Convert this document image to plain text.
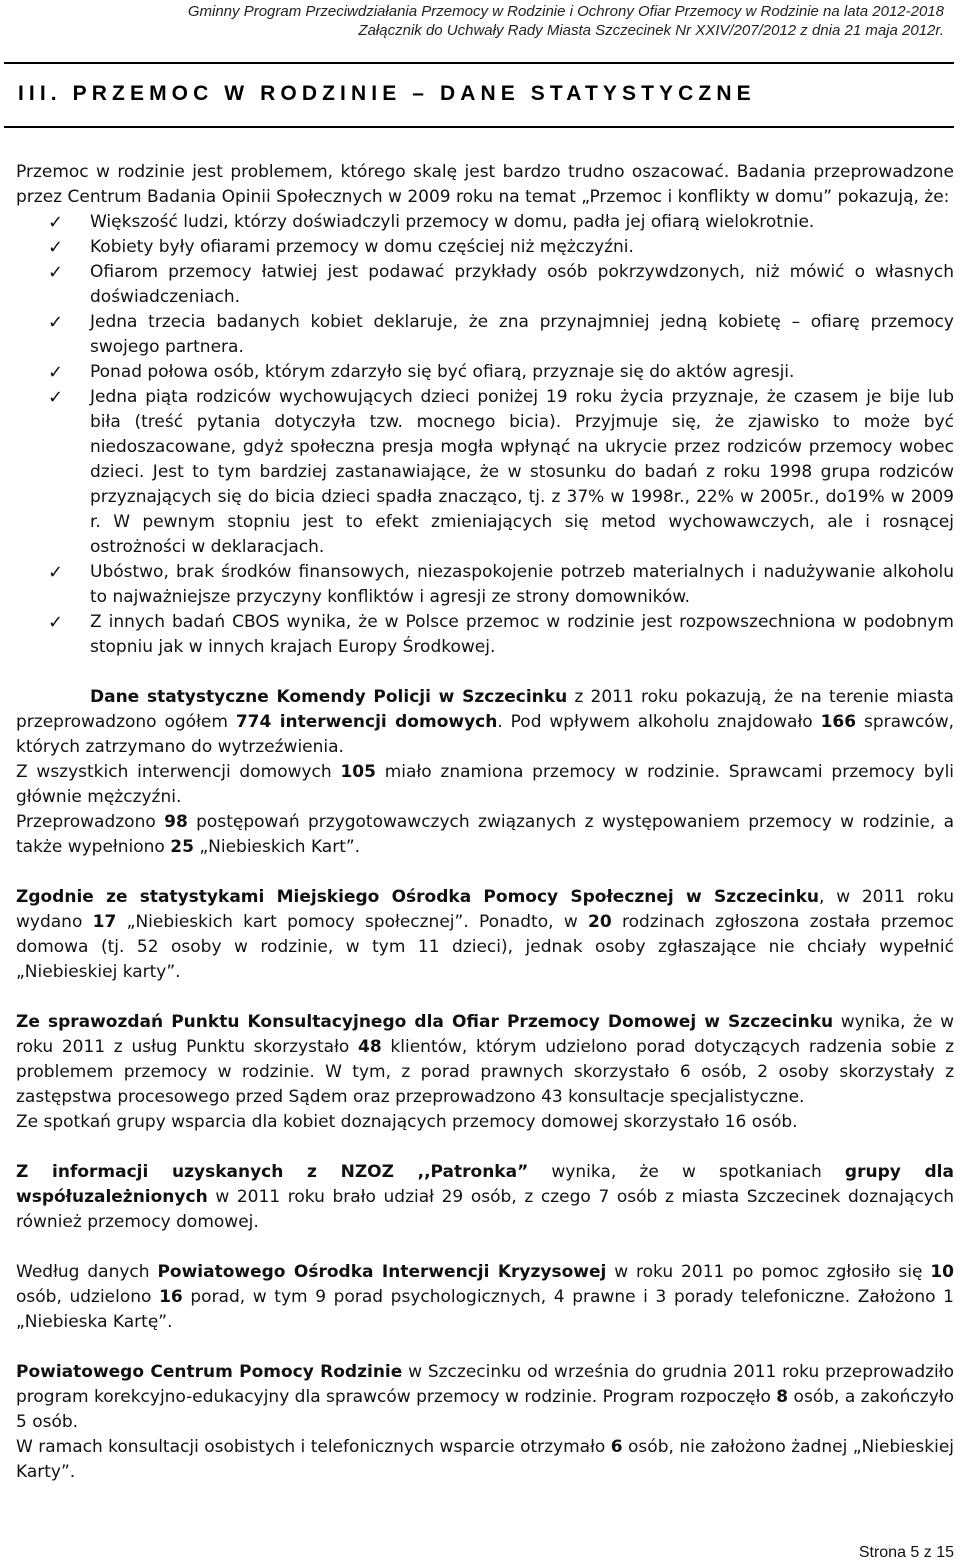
Gminny Program Przeciwdziałania Przemocy w Rodzinie i Ochrony Ofiar Przemocy w Rodzinie na lata 2012-2018
Załącznik do Uchwały Rady Miasta Szczecinek Nr XXIV/207/2012 z dnia 21 maja 2012r.
III. PRZEMOC W RODZINIE – DANE STATYSTYCZNE

Przemoc w rodzinie jest problemem, którego skalę jest bardzo trudno oszacować. Badania przeprowadzone przez Centrum Badania Opinii Społecznych w 2009 roku na temat „Przemoc i konflikty w domu” pokazują, że:

✓ Większość ludzi, którzy doświadczyli przemocy w domu, padła jej ofiarą wielokrotnie.
✓ Kobiety były ofiarami przemocy w domu częściej niż mężczyźni.
✓ Ofiarom przemocy łatwiej jest podawać przykłady osób pokrzywdzonych, niż mówić o własnych doświadczeniach.
✓ Jedna trzecia badanych kobiet deklaruje, że zna przynajmniej jedną kobietę – ofiarę przemocy swojego partnera.
✓ Ponad połowa osób, którym zdarzyło się być ofiarą, przyznaje się do aktów agresji.
✓ Jedna piąta rodziców wychowujących dzieci poniżej 19 roku życia przyznaje, że czasem je bije lub biła (treść pytania dotyczyła tzw. mocnego bicia). Przyjmuje się, że zjawisko to może być niedoszacowane, gdyż społeczna presja mogła wpłynąć na ukrycie przez rodziców przemocy wobec dzieci. Jest to tym bardziej zastanawiające, że w stosunku do badań z roku 1998 grupa rodziców przyznających się do bicia dzieci spadła znacząco, tj. z 37% w 1998r., 22% w 2005r., do19% w 2009 r. W pewnym stopniu jest to efekt zmieniających się metod wychowawczych, ale i rosnącej ostrożności w deklaracjach.
✓ Ubóstwo, brak środków finansowych, niezaspokojenie potrzeb materialnych i nadużywanie alkoholu to najważniejsze przyczyny konfliktów i agresji ze strony domowników.
✓ Z innych badań CBOS wynika, że w Polsce przemoc w rodzinie jest rozpowszechniona w podobnym stopniu jak w innych krajach Europy Środkowej.

Dane statystyczne Komendy Policji w Szczecinku z 2011 roku pokazują, że na terenie miasta przeprowadzono ogółem 774 interwencji domowych. Pod wpływem alkoholu znajdowało 166 sprawców, których zatrzymano do wytrzeźwienia.

Z wszystkich interwencji domowych 105 miało znamiona przemocy w rodzinie. Sprawcami przemocy byli głównie mężczyźni.

Przeprowadzono 98 postępowań przygotowawczych związanych z występowaniem przemocy w rodzinie, a także wypełniono 25 „Niebieskich Kart”.

Zgodnie ze statystykami Miejskiego Ośrodka Pomocy Społecznej w Szczecinku, w 2011 roku wydano 17 „Niebieskich kart pomocy społecznej”. Ponadto, w 20 rodzinach zgłoszona została przemoc domowa (tj. 52 osoby w rodzinie, w tym 11 dzieci), jednak osoby zgłaszające nie chciały wypełnić „Niebieskiej karty”.

Ze sprawozdań Punktu Konsultacyjnego dla Ofiar Przemocy Domowej w Szczecinku wynika, że w roku 2011 z usług Punktu skorzystało 48 klientów, którym udzielono porad dotyczących radzenia sobie z problemem przemocy w rodzinie. W tym, z porad prawnych skorzystało 6 osób, 2 osoby skorzystały z zastępstwa procesowego przed Sądem oraz przeprowadzono 43 konsultacje specjalistyczne.

Ze spotkań grupy wsparcia dla kobiet doznających przemocy domowej skorzystało 16 osób.

Z informacji uzyskanych z NZOZ ,,Patronka” wynika, że w spotkaniach grupy dla współuzależnionych w 2011 roku brało udział 29 osób, z czego 7 osób z miasta Szczecinek doznających również przemocy domowej.

Według danych Powiatowego Ośrodka Interwencji Kryzysowej w roku 2011 po pomoc zgłosiło się 10 osób, udzielono 16 porad, w tym 9 porad psychologicznych, 4 prawne i 3 porady telefoniczne. Założono 1 „Niebieska Kartę”.

Powiatowego Centrum Pomocy Rodzinie w Szczecinku od września do grudnia 2011 roku przeprowadziło program korekcyjno-edukacyjny dla sprawców przemocy w rodzinie. Program rozpoczęło 8 osób, a zakończyło 5 osób.

W ramach konsultacji osobistych i telefonicznych wsparcie otrzymało 6 osób, nie założono żadnej „Niebieskiej Karty”.

Strona 5 z 15
